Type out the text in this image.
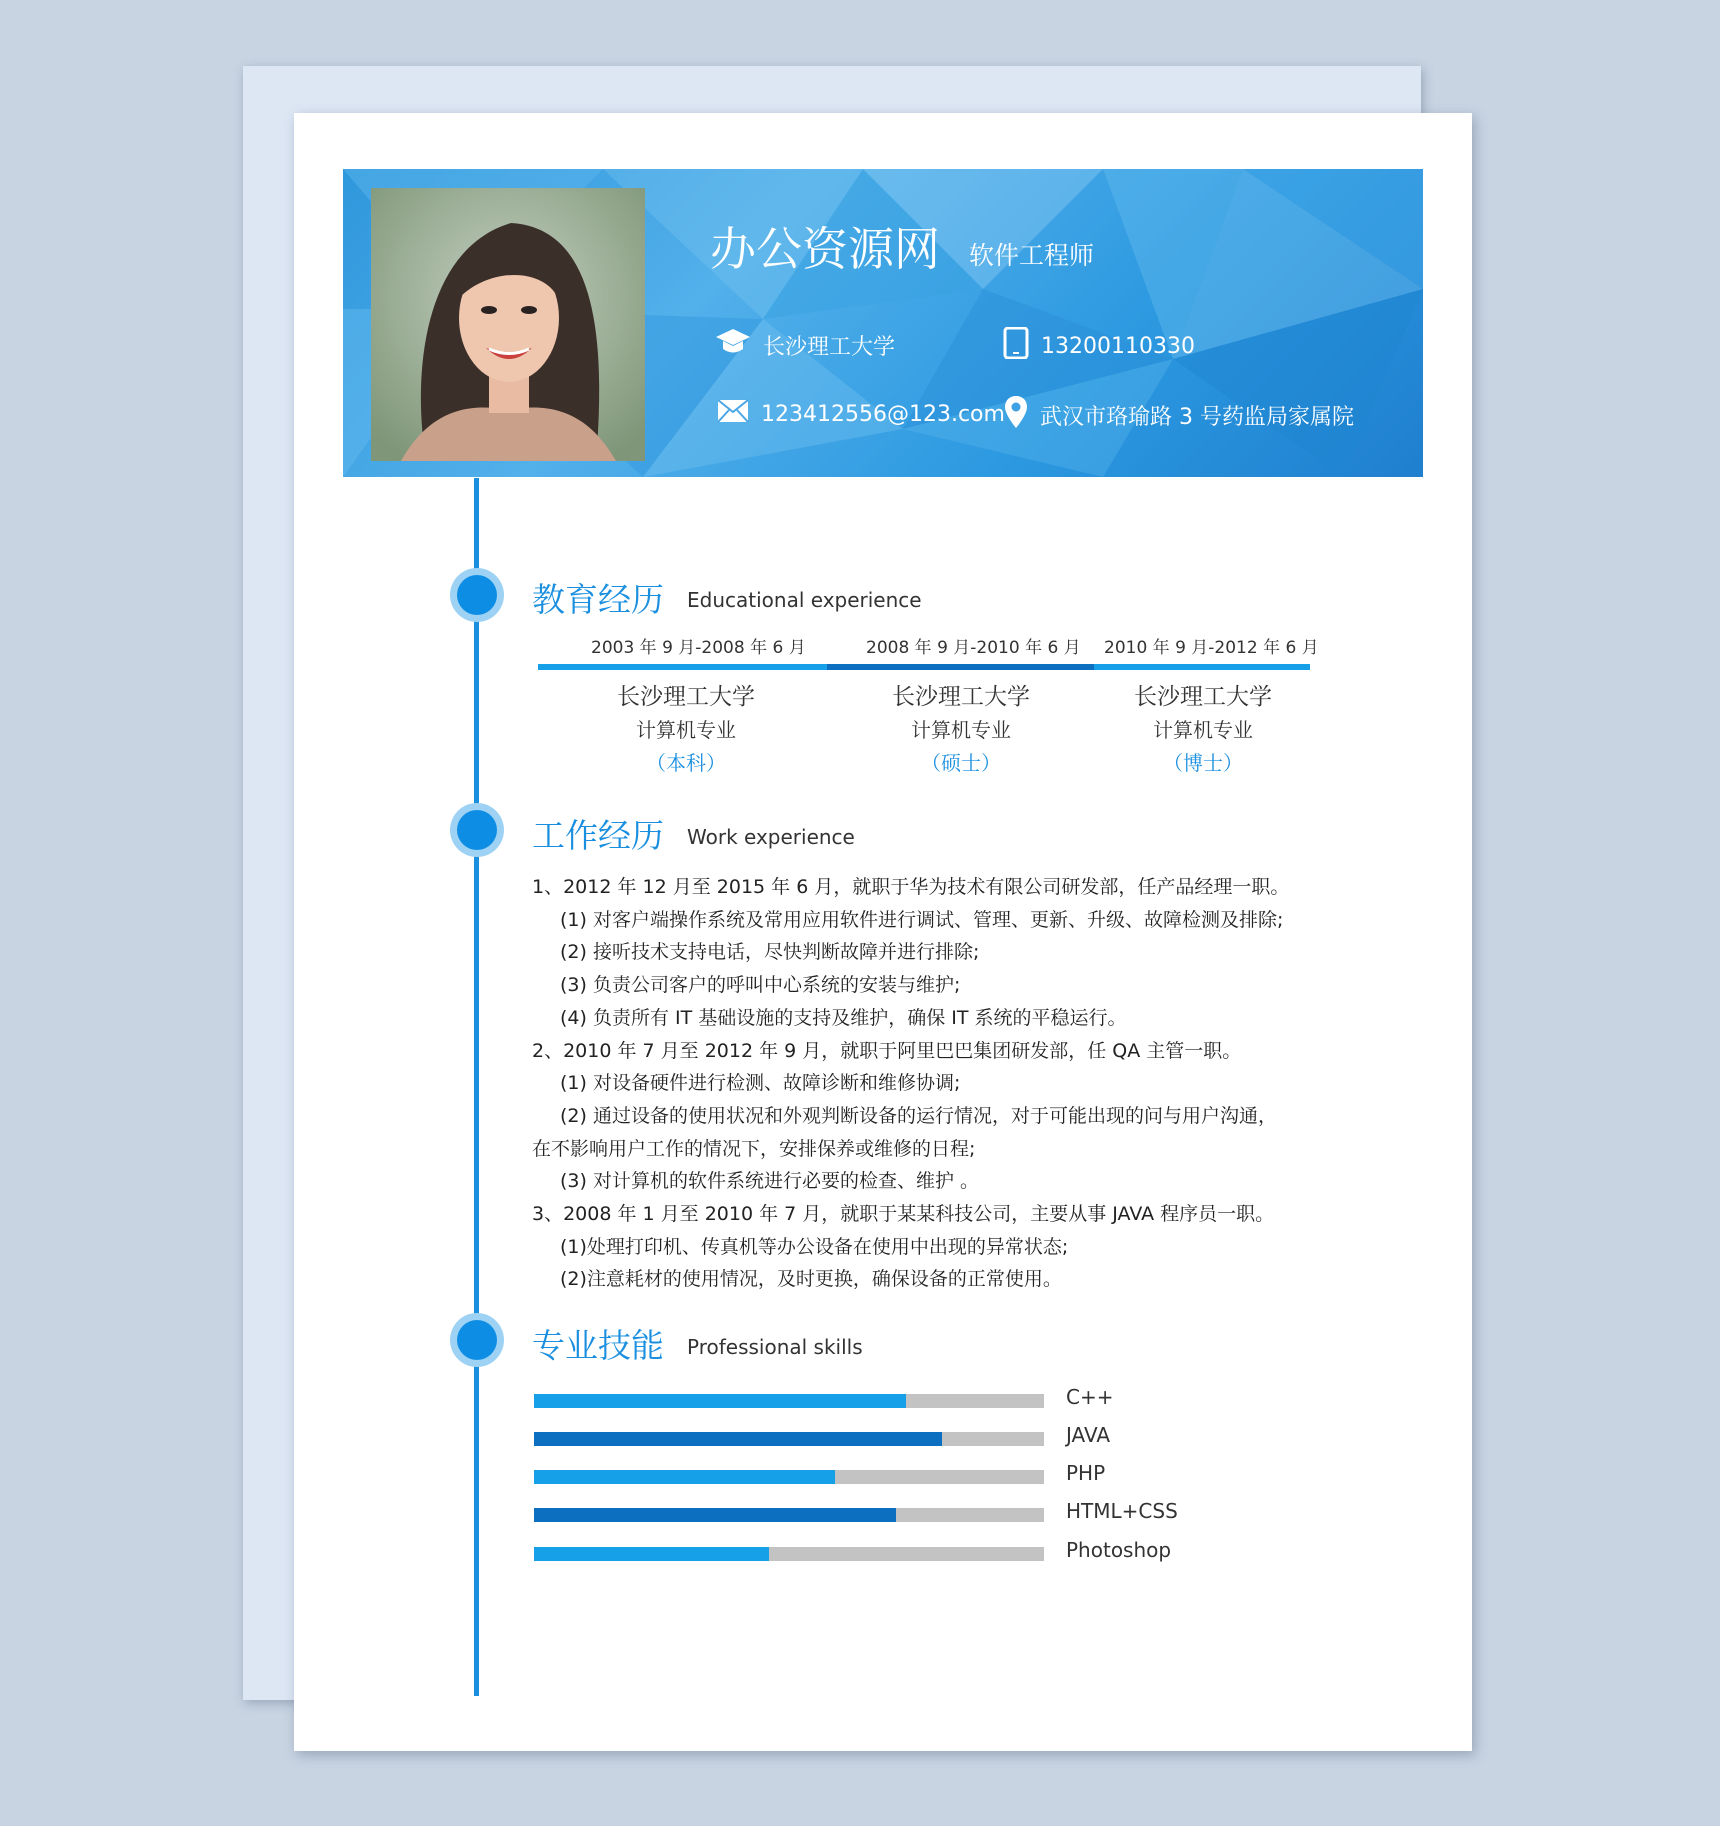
办公资源网 软件工程师
长沙理工大学	13200110330
123412556@123.com 武汉市珞瑜路 3 号药监局家属院
教育经历 Educational experience
2003 年 9 月-2008 年 6 月	2008 年 9 月-2010 年 6 月 2010 年 9 月-2012 年 6 月
长沙理工大学
计算机专业
（本科）
长沙理工大学
计算机专业
（硕士）
长沙理工大学
计算机专业
（博士）
工作经历 Work experience
1、2012 年 12 月至 2015 年 6 月，就职于华为技术有限公司研发部，任产品经理一职。
(1) 对客户端操作系统及常用应用软件进行调试、管理、更新、升级、故障检测及排除;
(2) 接听技术支持电话，尽快判断故障并进行排除;
(3) 负责公司客户的呼叫中心系统的安装与维护;
(4) 负责所有 IT 基础设施的支持及维护，确保 IT 系统的平稳运行。
2、2010 年 7 月至 2012 年 9 月，就职于阿里巴巴集团研发部，任 QA 主管一职。
(1) 对设备硬件进行检测、故障诊断和维修协调;
(2) 通过设备的使用状况和外观判断设备的运行情况，对于可能出现的问与用户沟通，
在不影响用户工作的情况下，安排保养或维修的日程;
(3) 对计算机的软件系统进行必要的检查、维护 。
3、2008 年 1 月至 2010 年 7 月，就职于某某科技公司，主要从事 JAVA 程序员一职。
(1)处理打印机、传真机等办公设备在使用中出现的异常状态;
(2)注意耗材的使用情况，及时更换，确保设备的正常使用。
专业技能 Professional skills
C++
JAVA
PHP
HTML+CSS
Photoshop
